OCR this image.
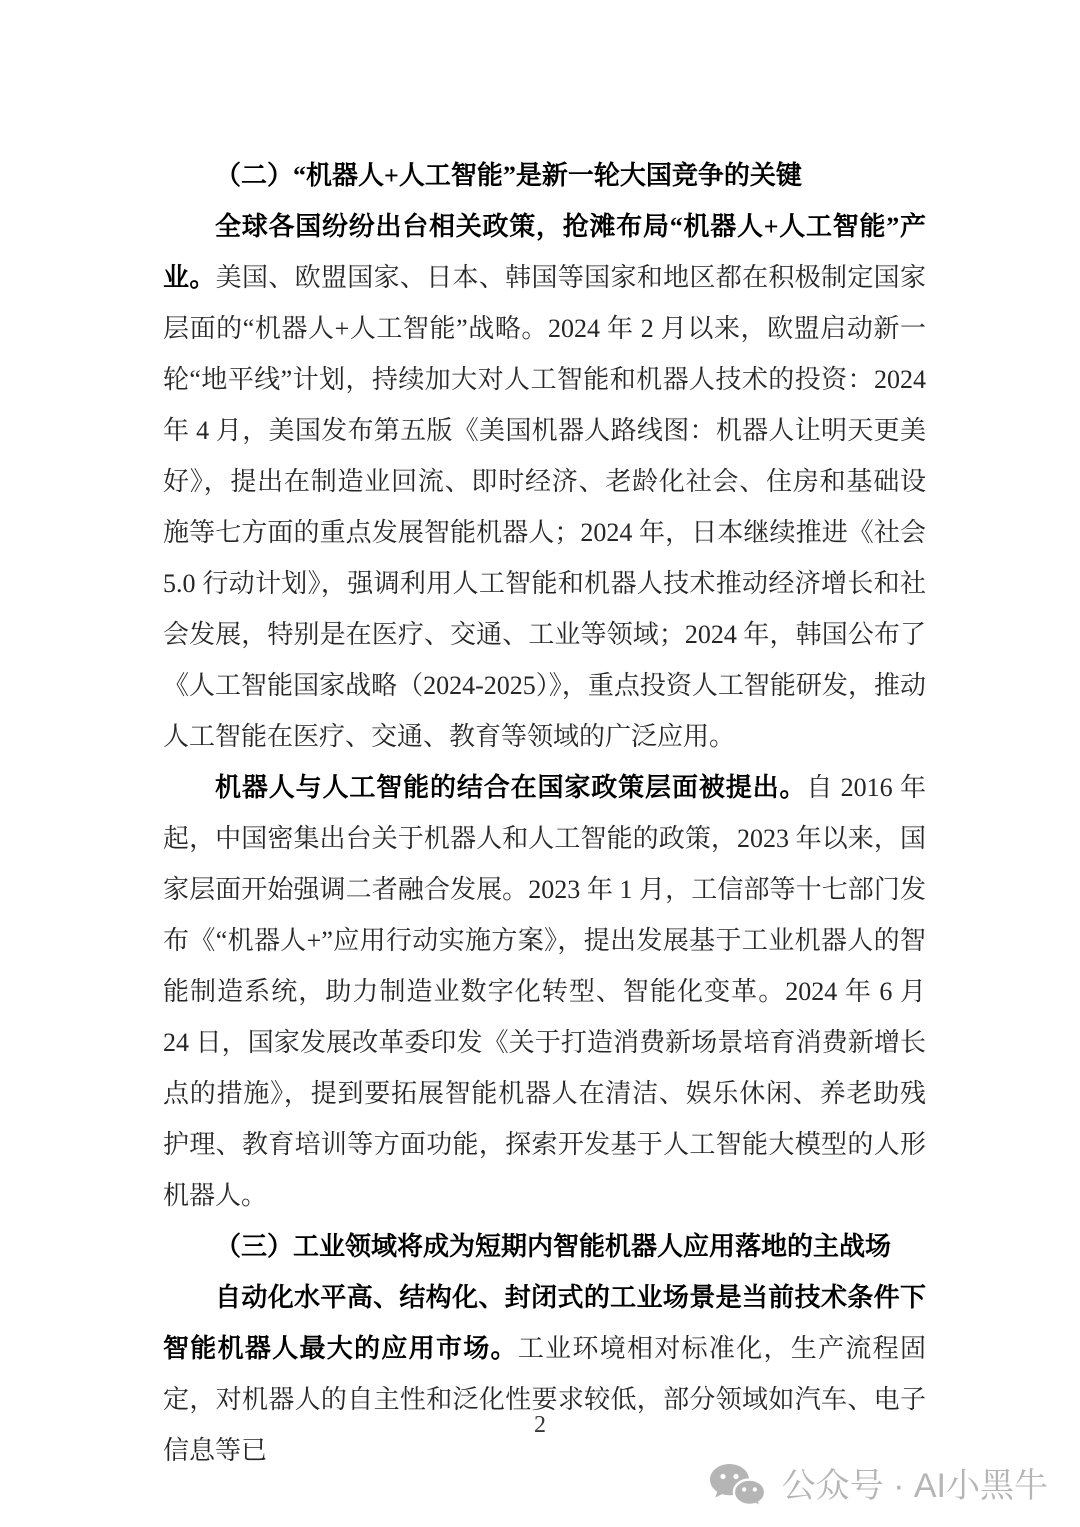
（二）“机器人+人工智能”是新一轮大国竞争的关键

全球各国纷纷出台相关政策，抢滩布局“机器人+人工智能”产业。美国、欧盟国家、日本、韩国等国家和地区都在积极制定国家层面的“机器人+人工智能”战略。2024 年 2 月以来，欧盟启动新一轮“地平线”计划，持续加大对人工智能和机器人技术的投资：2024 年 4 月，美国发布第五版《美国机器人路线图：机器人让明天更美好》，提出在制造业回流、即时经济、老龄化社会、住房和基础设施等七方面的重点发展智能机器人；2024 年，日本继续推进《社会 5.0 行动计划》，强调利用人工智能和机器人技术推动经济增长和社会发展，特别是在医疗、交通、工业等领域；2024 年，韩国公布了《人工智能国家战略（2024-2025）》，重点投资人工智能研发，推动人工智能在医疗、交通、教育等领域的广泛应用。

机器人与人工智能的结合在国家政策层面被提出。自 2016 年起，中国密集出台关于机器人和人工智能的政策，2023 年以来，国家层面开始强调二者融合发展。2023 年 1 月，工信部等十七部门发布《“机器人+”应用行动实施方案》，提出发展基于工业机器人的智能制造系统，助力制造业数字化转型、智能化变革。2024 年 6 月 24 日，国家发展改革委印发《关于打造消费新场景培育消费新增长点的措施》，提到要拓展智能机器人在清洁、娱乐休闲、养老助残护理、教育培训等方面功能，探索开发基于人工智能大模型的人形机器人。

（三）工业领域将成为短期内智能机器人应用落地的主战场

自动化水平高、结构化、封闭式的工业场景是当前技术条件下智能机器人最大的应用市场。工业环境相对标准化，生产流程固定，对机器人的自主性和泛化性要求较低，部分领域如汽车、电子信息等已

2
公众号 · AI小黑牛
